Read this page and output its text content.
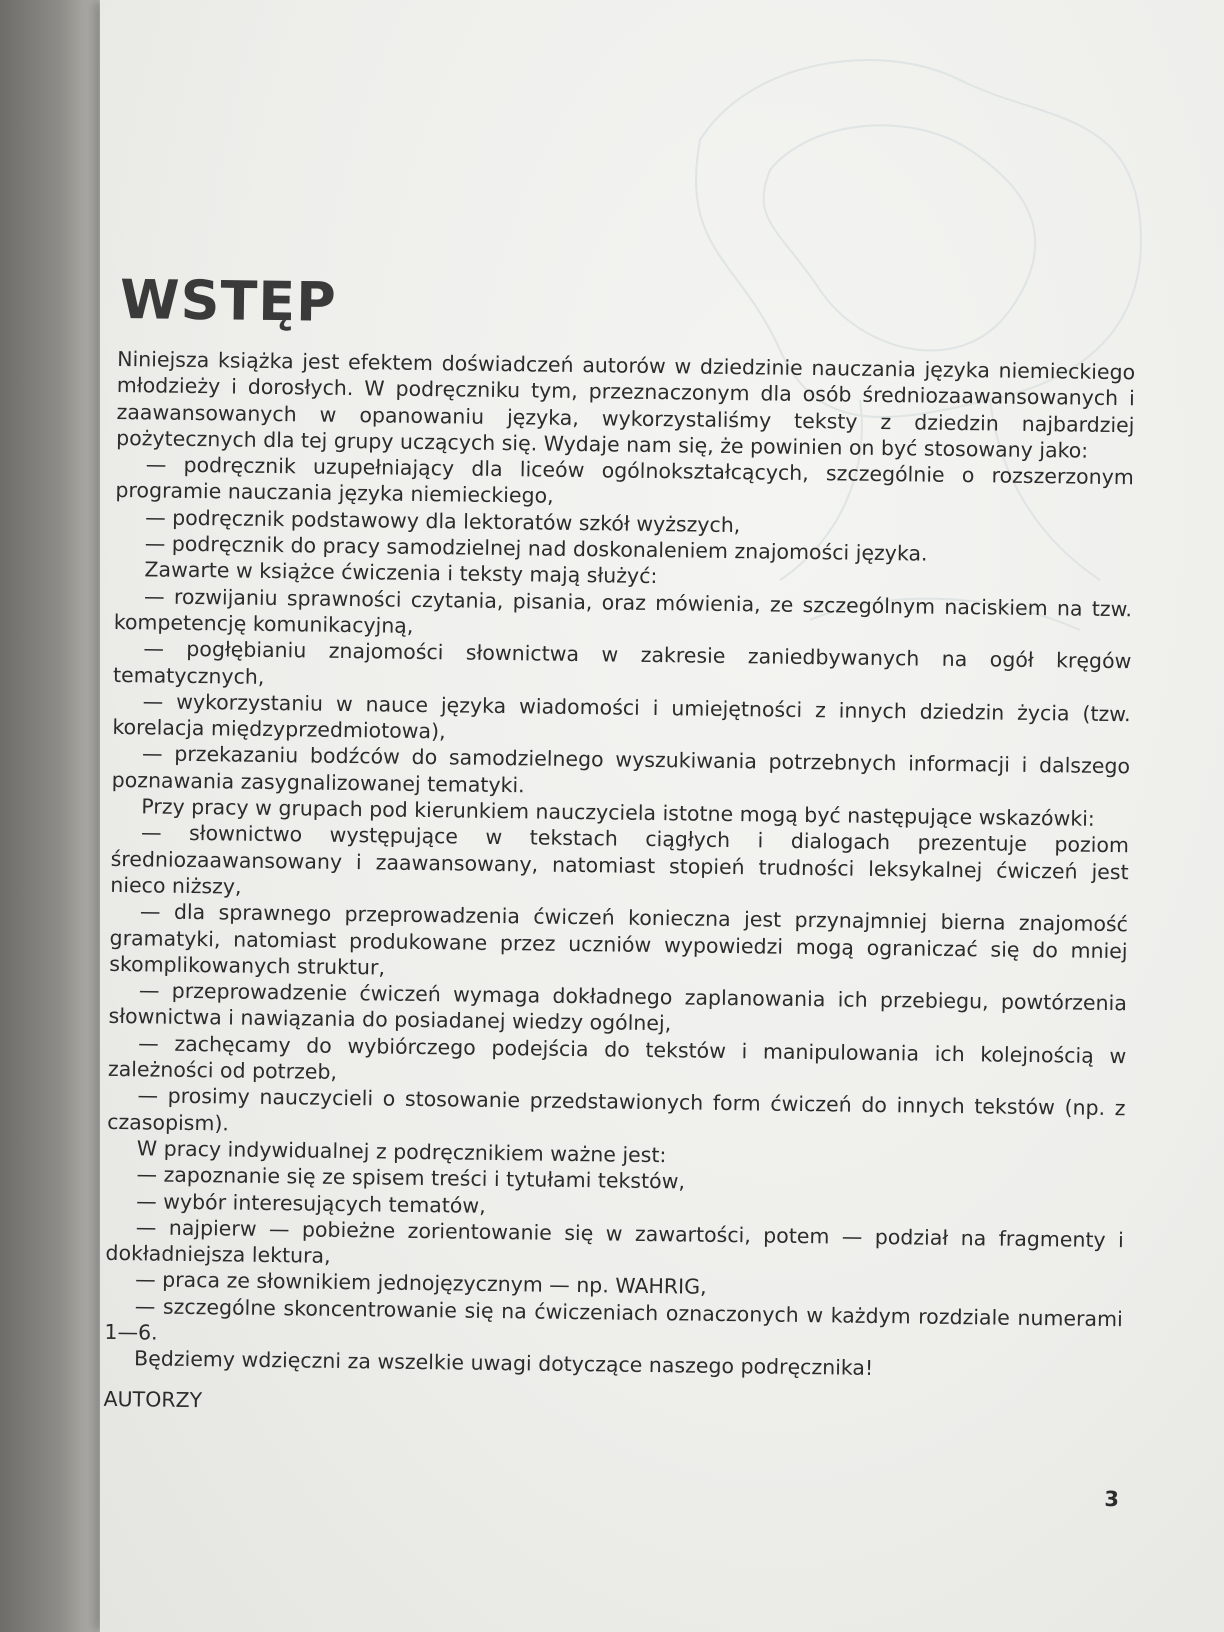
WSTĘP

Niniejsza książka jest efektem doświadczeń autorów w dziedzinie nauczania języka niemieckiego młodzieży i dorosłych. W podręczniku tym, przeznaczonym dla osób średniozaawansowanych i zaawansowanych w opanowaniu języka, wykorzystaliśmy teksty z dziedzin najbardziej pożytecznych dla tej grupy uczących się. Wydaje nam się, że powinien on być stosowany jako:

— podręcznik uzupełniający dla liceów ogólnokształcących, szczególnie o rozszerzonym programie nauczania języka niemieckiego,

— podręcznik podstawowy dla lektoratów szkół wyższych,

— podręcznik do pracy samodzielnej nad doskonaleniem znajomości języka.

Zawarte w książce ćwiczenia i teksty mają służyć:

— rozwijaniu sprawności czytania, pisania, oraz mówienia, ze szczególnym naciskiem na tzw. kompetencję komunikacyjną,

— pogłębianiu znajomości słownictwa w zakresie zaniedbywanych na ogół kręgów tematycznych,

— wykorzystaniu w nauce języka wiadomości i umiejętności z innych dziedzin życia (tzw. korelacja międzyprzedmiotowa),

— przekazaniu bodźców do samodzielnego wyszukiwania potrzebnych informacji i dalszego poznawania zasygnalizowanej tematyki.

Przy pracy w grupach pod kierunkiem nauczyciela istotne mogą być następujące wskazówki:

— słownictwo występujące w tekstach ciągłych i dialogach prezentuje poziom średniozaawansowany i zaawansowany, natomiast stopień trudności leksykalnej ćwiczeń jest nieco niższy,

— dla sprawnego przeprowadzenia ćwiczeń konieczna jest przynajmniej bierna znajomość gramatyki, natomiast produkowane przez uczniów wypowiedzi mogą ograniczać się do mniej skomplikowanych struktur,

— przeprowadzenie ćwiczeń wymaga dokładnego zaplanowania ich przebiegu, powtórzenia słownictwa i nawiązania do posiadanej wiedzy ogólnej,

— zachęcamy do wybiórczego podejścia do tekstów i manipulowania ich kolejnością w zależności od potrzeb,

— prosimy nauczycieli o stosowanie przedstawionych form ćwiczeń do innych tekstów (np. z czasopism).

W pracy indywidualnej z podręcznikiem ważne jest:

— zapoznanie się ze spisem treści i tytułami tekstów,

— wybór interesujących tematów,

— najpierw — pobieżne zorientowanie się w zawartości, potem — podział na fragmenty i dokładniejsza lektura,

— praca ze słownikiem jednojęzycznym — np. WAHRIG,

— szczególne skoncentrowanie się na ćwiczeniach oznaczonych w każdym rozdziale numerami 1—6.

Będziemy wdzięczni za wszelkie uwagi dotyczące naszego podręcznika!

AUTORZY

3
